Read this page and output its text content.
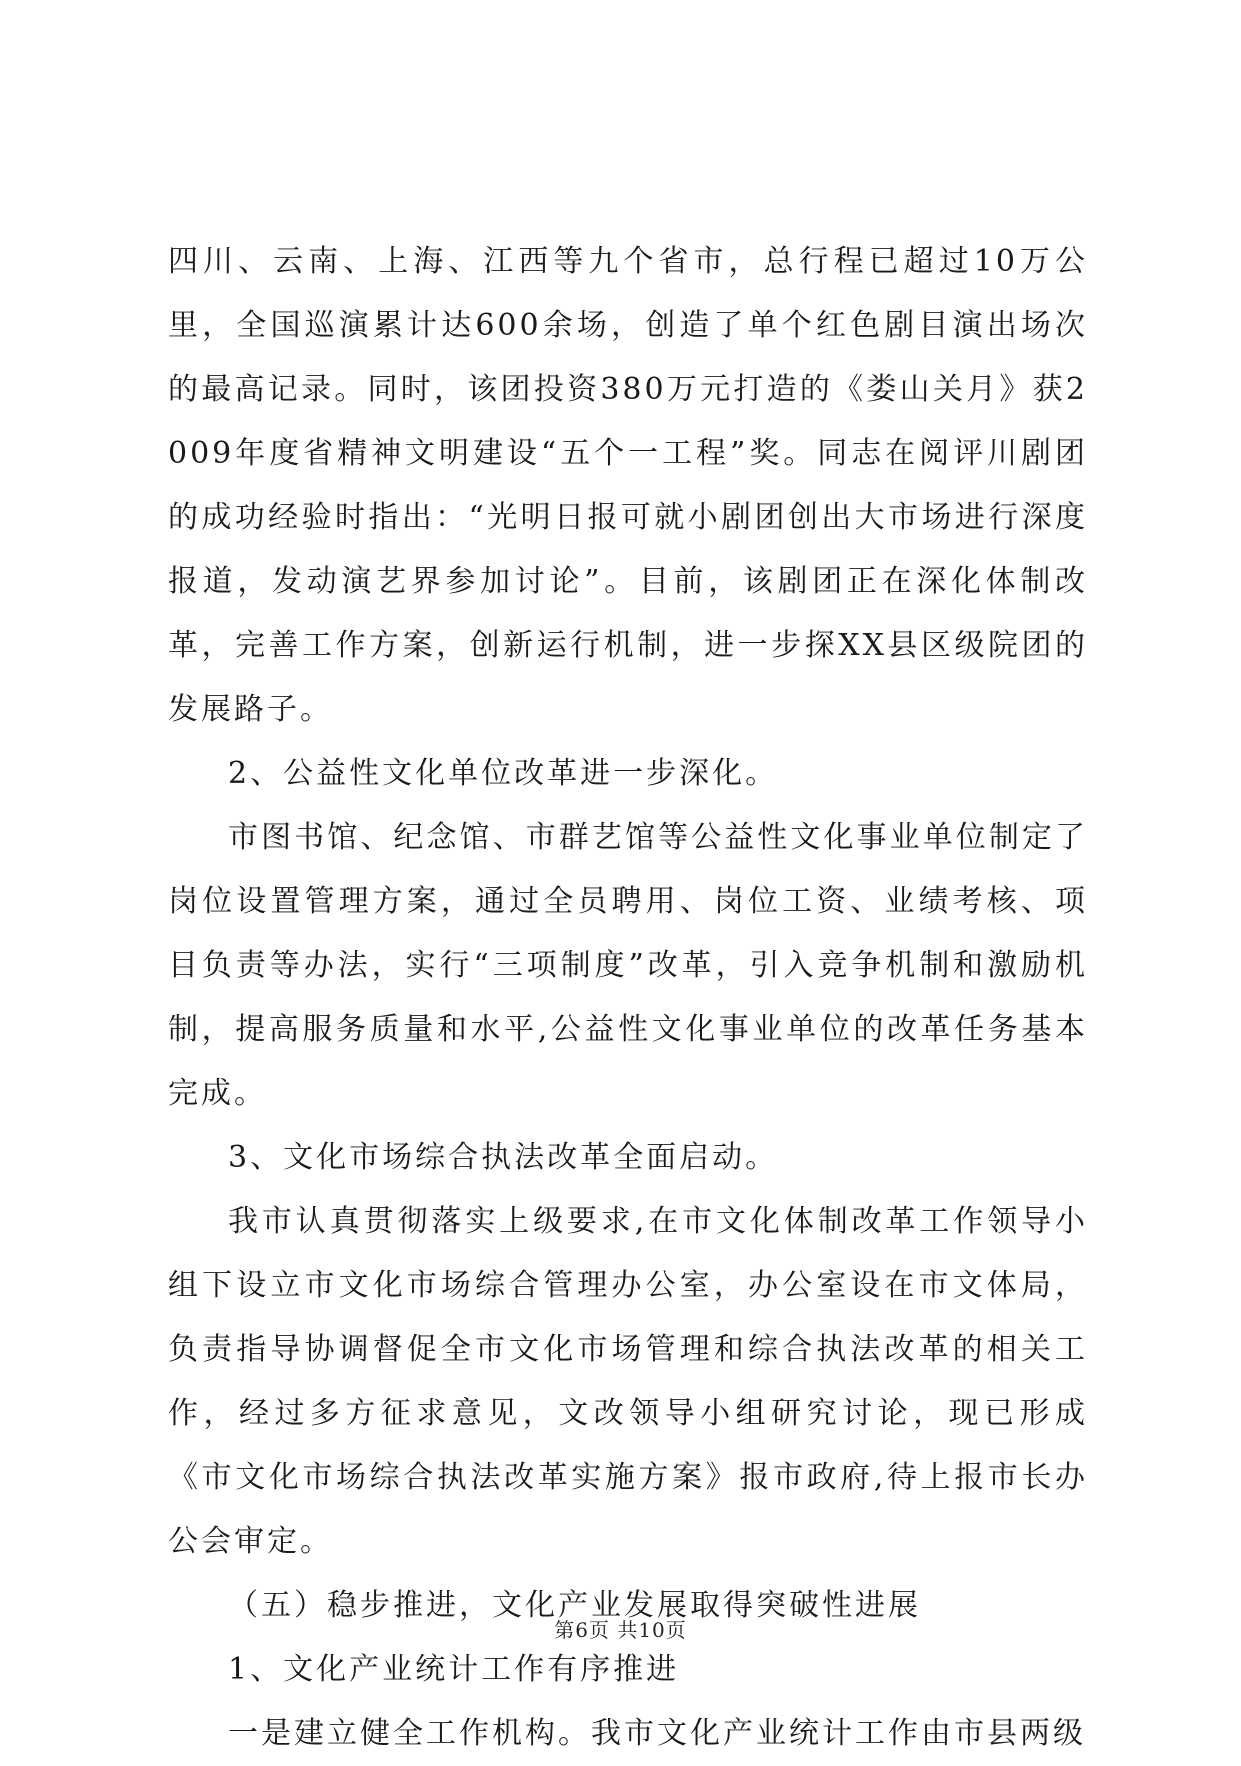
四川、云南、上海、江西等九个省市，总行程已超过10万公里，全国巡演累计达600余场，创造了单个红色剧目演出场次的最高记录。同时，该团投资380万元打造的《娄山关月》获2009年度省精神文明建设“五个一工程”奖。同志在阅评川剧团的成功经验时指出：“光明日报可就小剧团创出大市场进行深度报道，发动演艺界参加讨论”。目前，该剧团正在深化体制改革，完善工作方案，创新运行机制，进一步探XX县区级院团的发展路子。

2、公益性文化单位改革进一步深化。

市图书馆、纪念馆、市群艺馆等公益性文化事业单位制定了岗位设置管理方案，通过全员聘用、岗位工资、业绩考核、项目负责等办法，实行“三项制度”改革，引入竞争机制和激励机制，提高服务质量和水平,公益性文化事业单位的改革任务基本完成。

3、文化市场综合执法改革全面启动。

我市认真贯彻落实上级要求,在市文化体制改革工作领导小组下设立市文化市场综合管理办公室，办公室设在市文体局，负责指导协调督促全市文化市场管理和综合执法改革的相关工作，经过多方征求意见，文改领导小组研究讨论，现已形成《市文化市场综合执法改革实施方案》报市政府,待上报市长办公会审定。

（五）稳步推进，文化产业发展取得突破性进展

1、文化产业统计工作有序推进

一是建立健全工作机构。我市文化产业统计工作由市县两级

第6页 共10页
